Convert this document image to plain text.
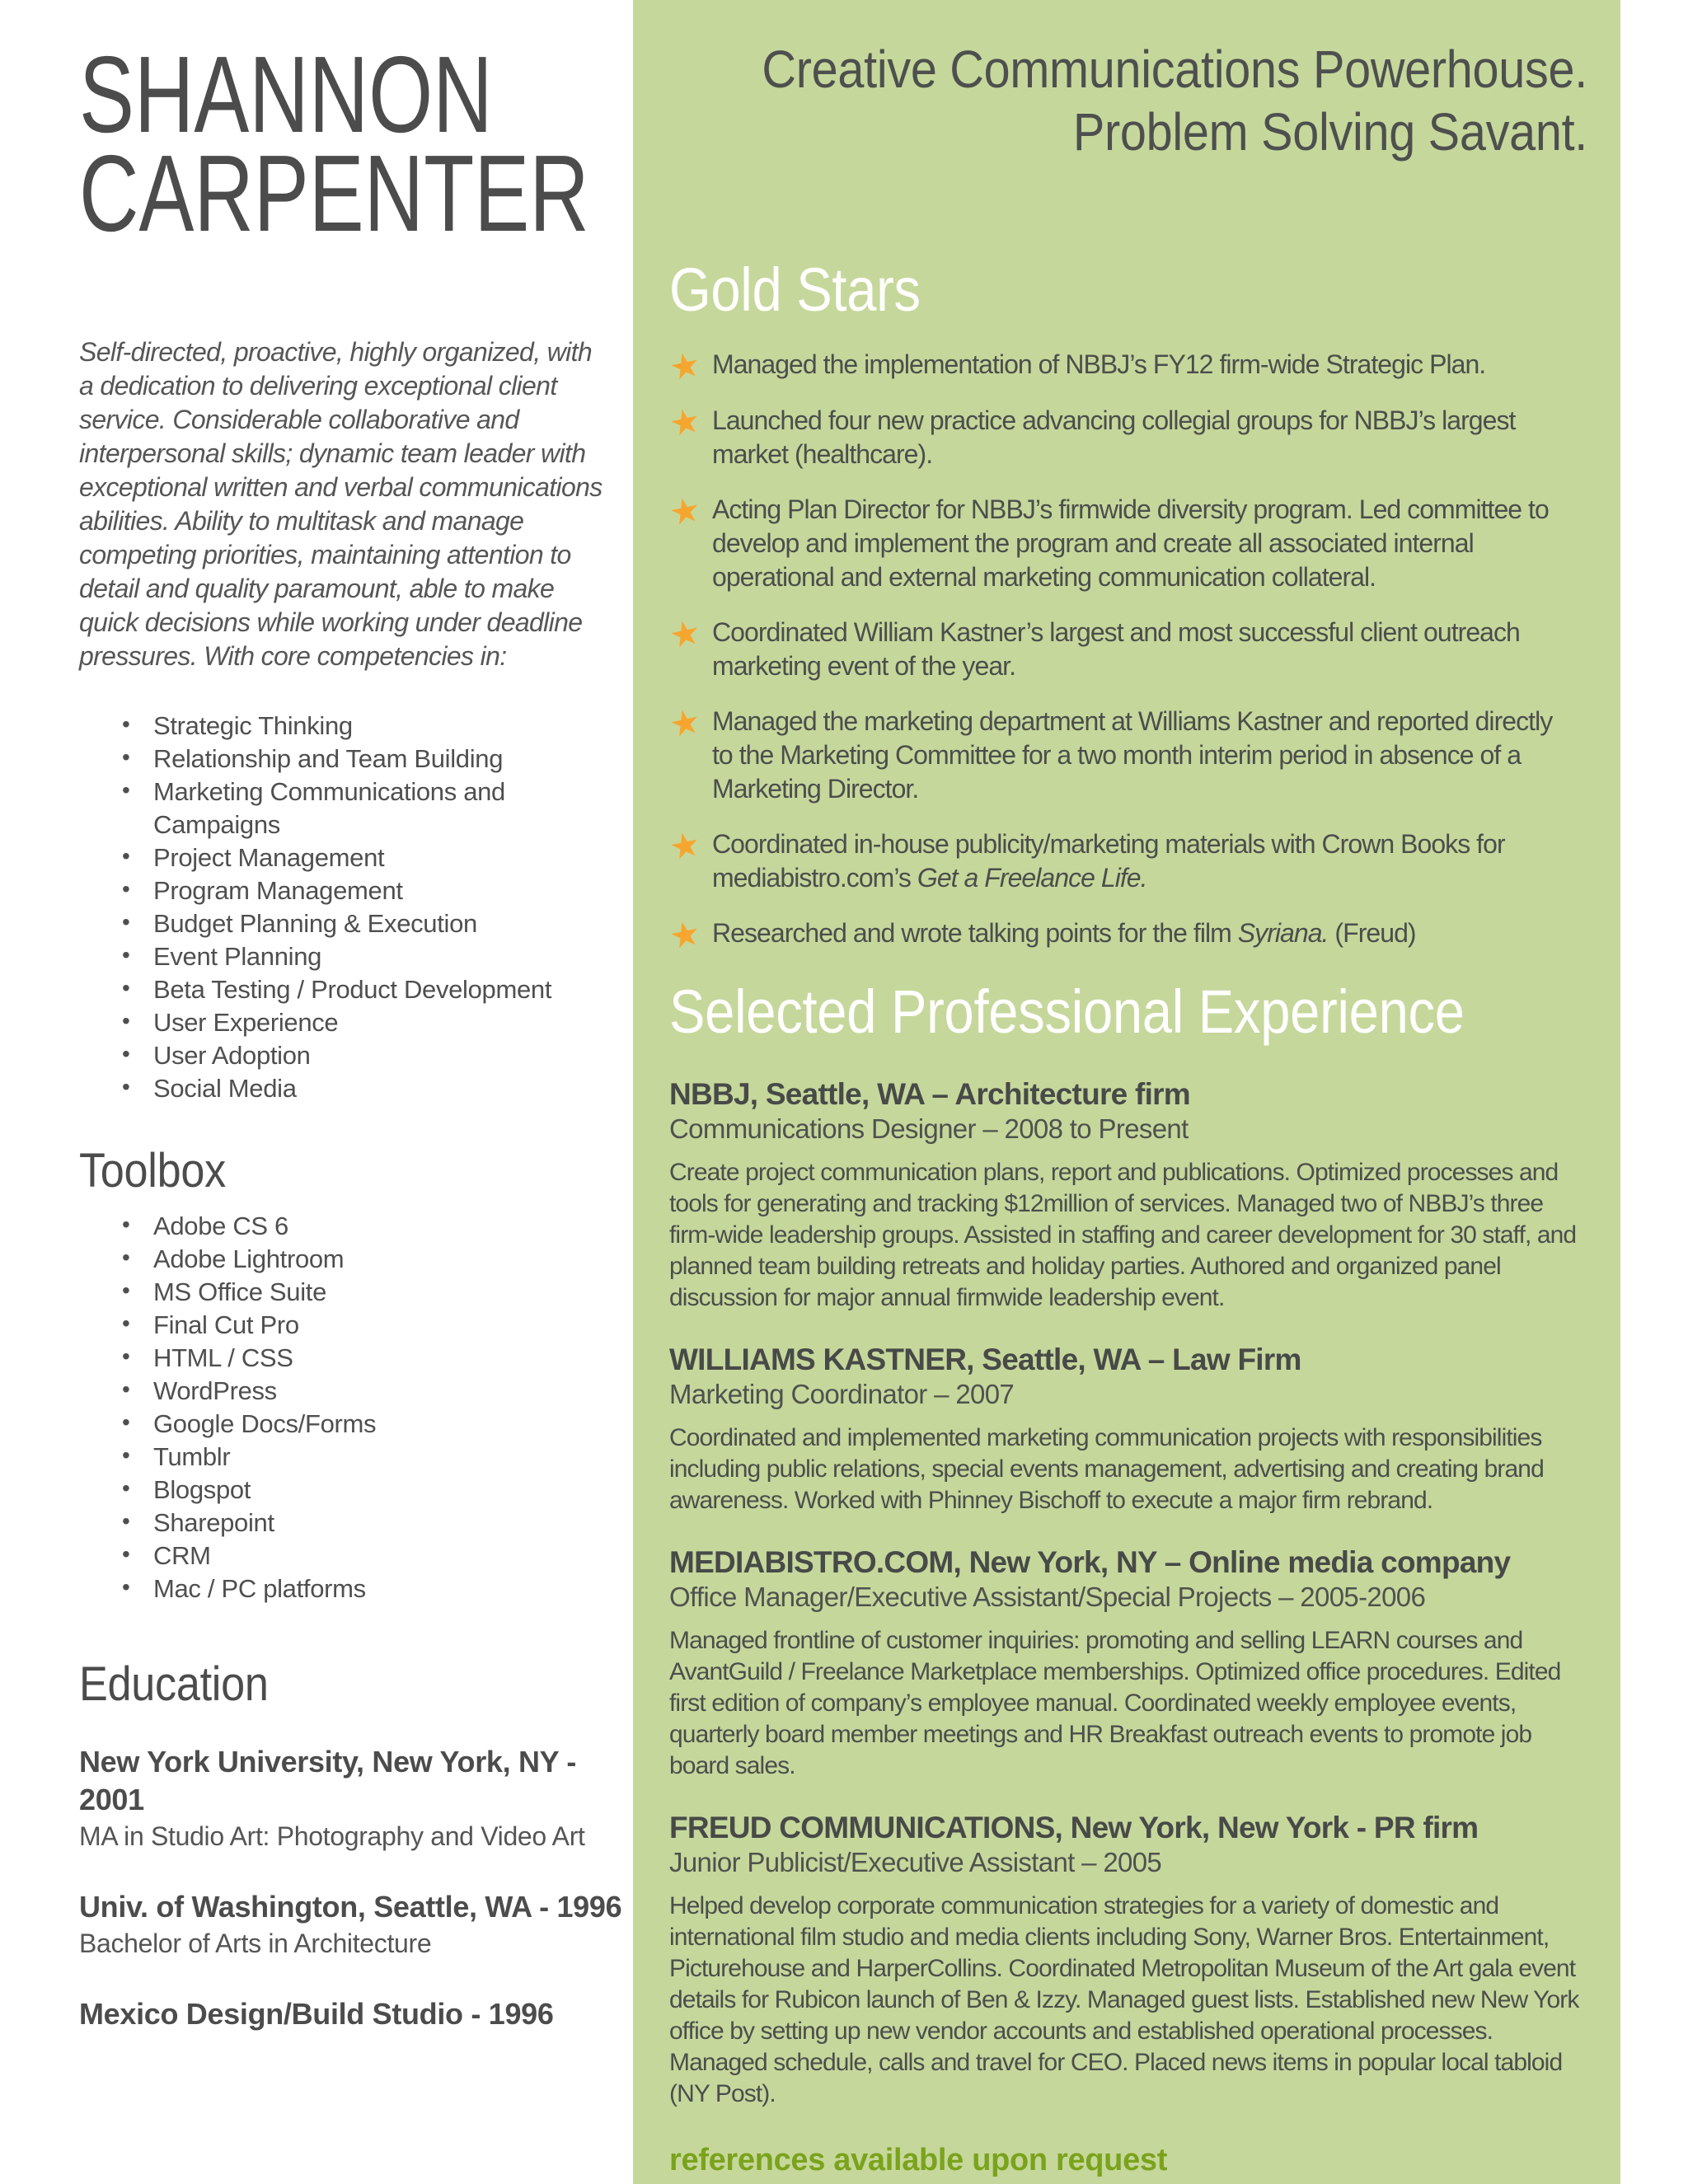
SHANNON
CARPENTER

Self-directed, proactive, highly organized, with a dedication to delivering exceptional client service. Considerable collaborative and interpersonal skills; dynamic team leader with exceptional written and verbal communications abilities. Ability to multitask and manage competing priorities, maintaining attention to detail and quality paramount, able to make quick decisions while working under deadline pressures. With core competencies in:

• Strategic Thinking
• Relationship and Team Building
• Marketing Communications and Campaigns
• Project Management
• Program Management
• Budget Planning & Execution
• Event Planning
• Beta Testing / Product Development
• User Experience
• User Adoption
• Social Media
Toolbox
• Adobe CS 6
• Adobe Lightroom
• MS Office Suite
• Final Cut Pro
• HTML / CSS
• WordPress
• Google Docs/Forms
• Tumblr
• Blogspot
• Sharepoint
• CRM
• Mac / PC platforms
Education
New York University, New York, NY - 2001
MA in Studio Art: Photography and Video Art
Univ. of Washington, Seattle, WA - 1996
Bachelor of Arts in Architecture
Mexico Design/Build Studio - 1996
Creative Communications Powerhouse.
Problem Solving Savant.
Gold Stars
★ Managed the implementation of NBBJ’s FY12 firm-wide Strategic Plan.

★ Launched four new practice advancing collegial groups for NBBJ’s largest market (healthcare).

★ Acting Plan Director for NBBJ’s firmwide diversity program. Led committee to develop and implement the program and create all associated internal operational and external marketing communication collateral.

★ Coordinated William Kastner’s largest and most successful client outreach marketing event of the year.

★ Managed the marketing department at Williams Kastner and reported directly to the Marketing Committee for a two month interim period in absence of a Marketing Director.

★ Coordinated in-house publicity/marketing materials with Crown Books for mediabistro.com’s Get a Freelance Life.

★ Researched and wrote talking points for the film Syriana. (Freud)

Selected Professional Experience
NBBJ, Seattle, WA – Architecture firm
Communications Designer – 2008 to Present

Create project communication plans, report and publications. Optimized processes and tools for generating and tracking $12million of services. Managed two of NBBJ’s three firm-wide leadership groups. Assisted in staffing and career development for 30 staff, and planned team building retreats and holiday parties. Authored and organized panel discussion for major annual firmwide leadership event.

WILLIAMS KASTNER, Seattle, WA – Law Firm
Marketing Coordinator – 2007

Coordinated and implemented marketing communication projects with responsibilities including public relations, special events management, advertising and creating brand awareness. Worked with Phinney Bischoff to execute a major firm rebrand.

MEDIABISTRO.COM, New York, NY – Online media company
Office Manager/Executive Assistant/Special Projects – 2005-2006

Managed frontline of customer inquiries: promoting and selling LEARN courses and AvantGuild / Freelance Marketplace memberships. Optimized office procedures. Edited first edition of company’s employee manual. Coordinated weekly employee events, quarterly board member meetings and HR Breakfast outreach events to promote job board sales.

FREUD COMMUNICATIONS, New York, New York - PR firm
Junior Publicist/Executive Assistant – 2005

Helped develop corporate communication strategies for a variety of domestic and international film studio and media clients including Sony, Warner Bros. Entertainment, Picturehouse and HarperCollins. Coordinated Metropolitan Museum of the Art gala event details for Rubicon launch of Ben & Izzy. Managed guest lists. Established new New York office by setting up new vendor accounts and established operational processes. Managed schedule, calls and travel for CEO. Placed news items in popular local tabloid (NY Post).

references available upon request
